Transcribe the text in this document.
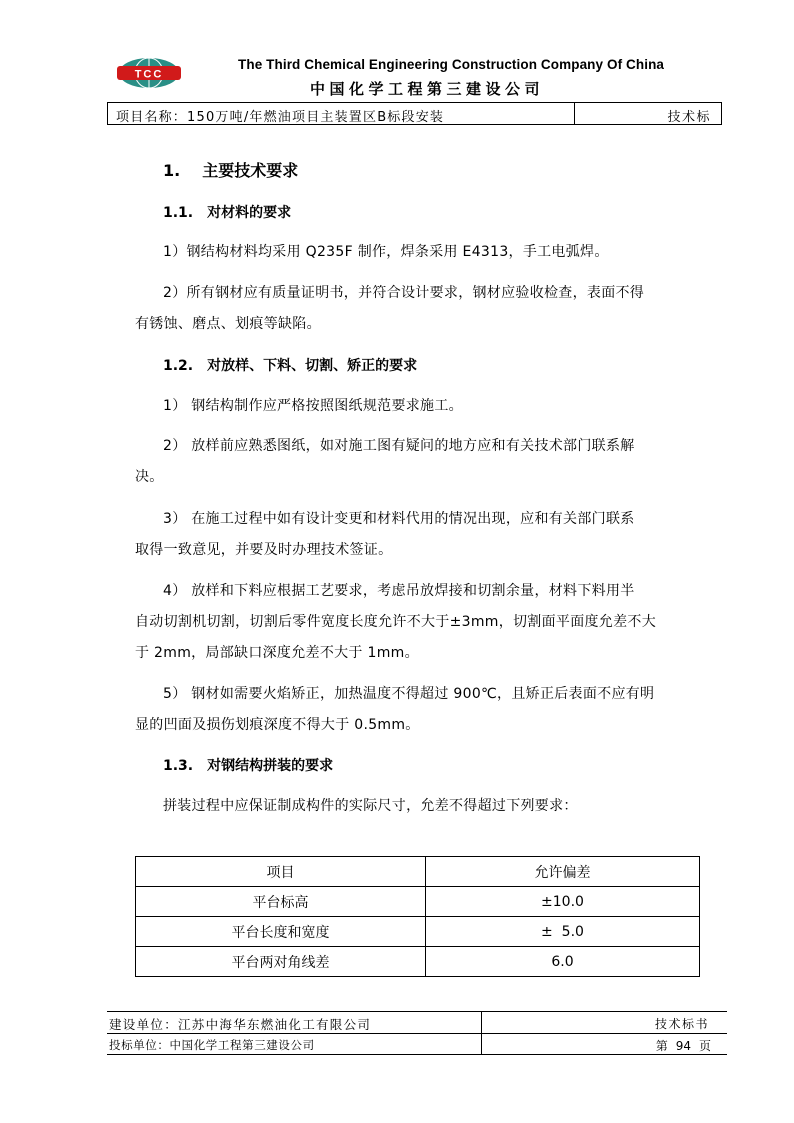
TCC
The Third Chemical Engineering Construction Company Of China
中国化学工程第三建设公司
项目名称：150万吨/年燃油项目主装置区B标段安装	技术标
1. 主要技术要求
1.1. 对材料的要求
1）钢结构材料均采用 Q235F 制作，焊条采用 E4313，手工电弧焊。
2）所有钢材应有质量证明书，并符合设计要求，钢材应验收检查，表面不得
有锈蚀、磨点、划痕等缺陷。
1.2. 对放样、下料、切割、矫正的要求
1） 钢结构制作应严格按照图纸规范要求施工。
2） 放样前应熟悉图纸，如对施工图有疑问的地方应和有关技术部门联系解
决。
3） 在施工过程中如有设计变更和材料代用的情况出现，应和有关部门联系
取得一致意见，并要及时办理技术签证。
4） 放样和下料应根据工艺要求，考虑吊放焊接和切割余量，材料下料用半
自动切割机切割，切割后零件宽度长度允许不大于±3mm，切割面平面度允差不大
于 2mm，局部缺口深度允差不大于 1mm。
5） 钢材如需要火焰矫正，加热温度不得超过 900℃，且矫正后表面不应有明
显的凹面及损伤划痕深度不得大于 0.5mm。
1.3. 对钢结构拼装的要求
拼装过程中应保证制成构件的实际尺寸，允差不得超过下列要求：
项目	允许偏差
平台标高	±10.0
平台长度和宽度	±  5.0
平台两对角线差	6.0
建设单位：江苏中海华东燃油化工有限公司
投标单位：中国化学工程第三建设公司
技术标书
第 94 页
